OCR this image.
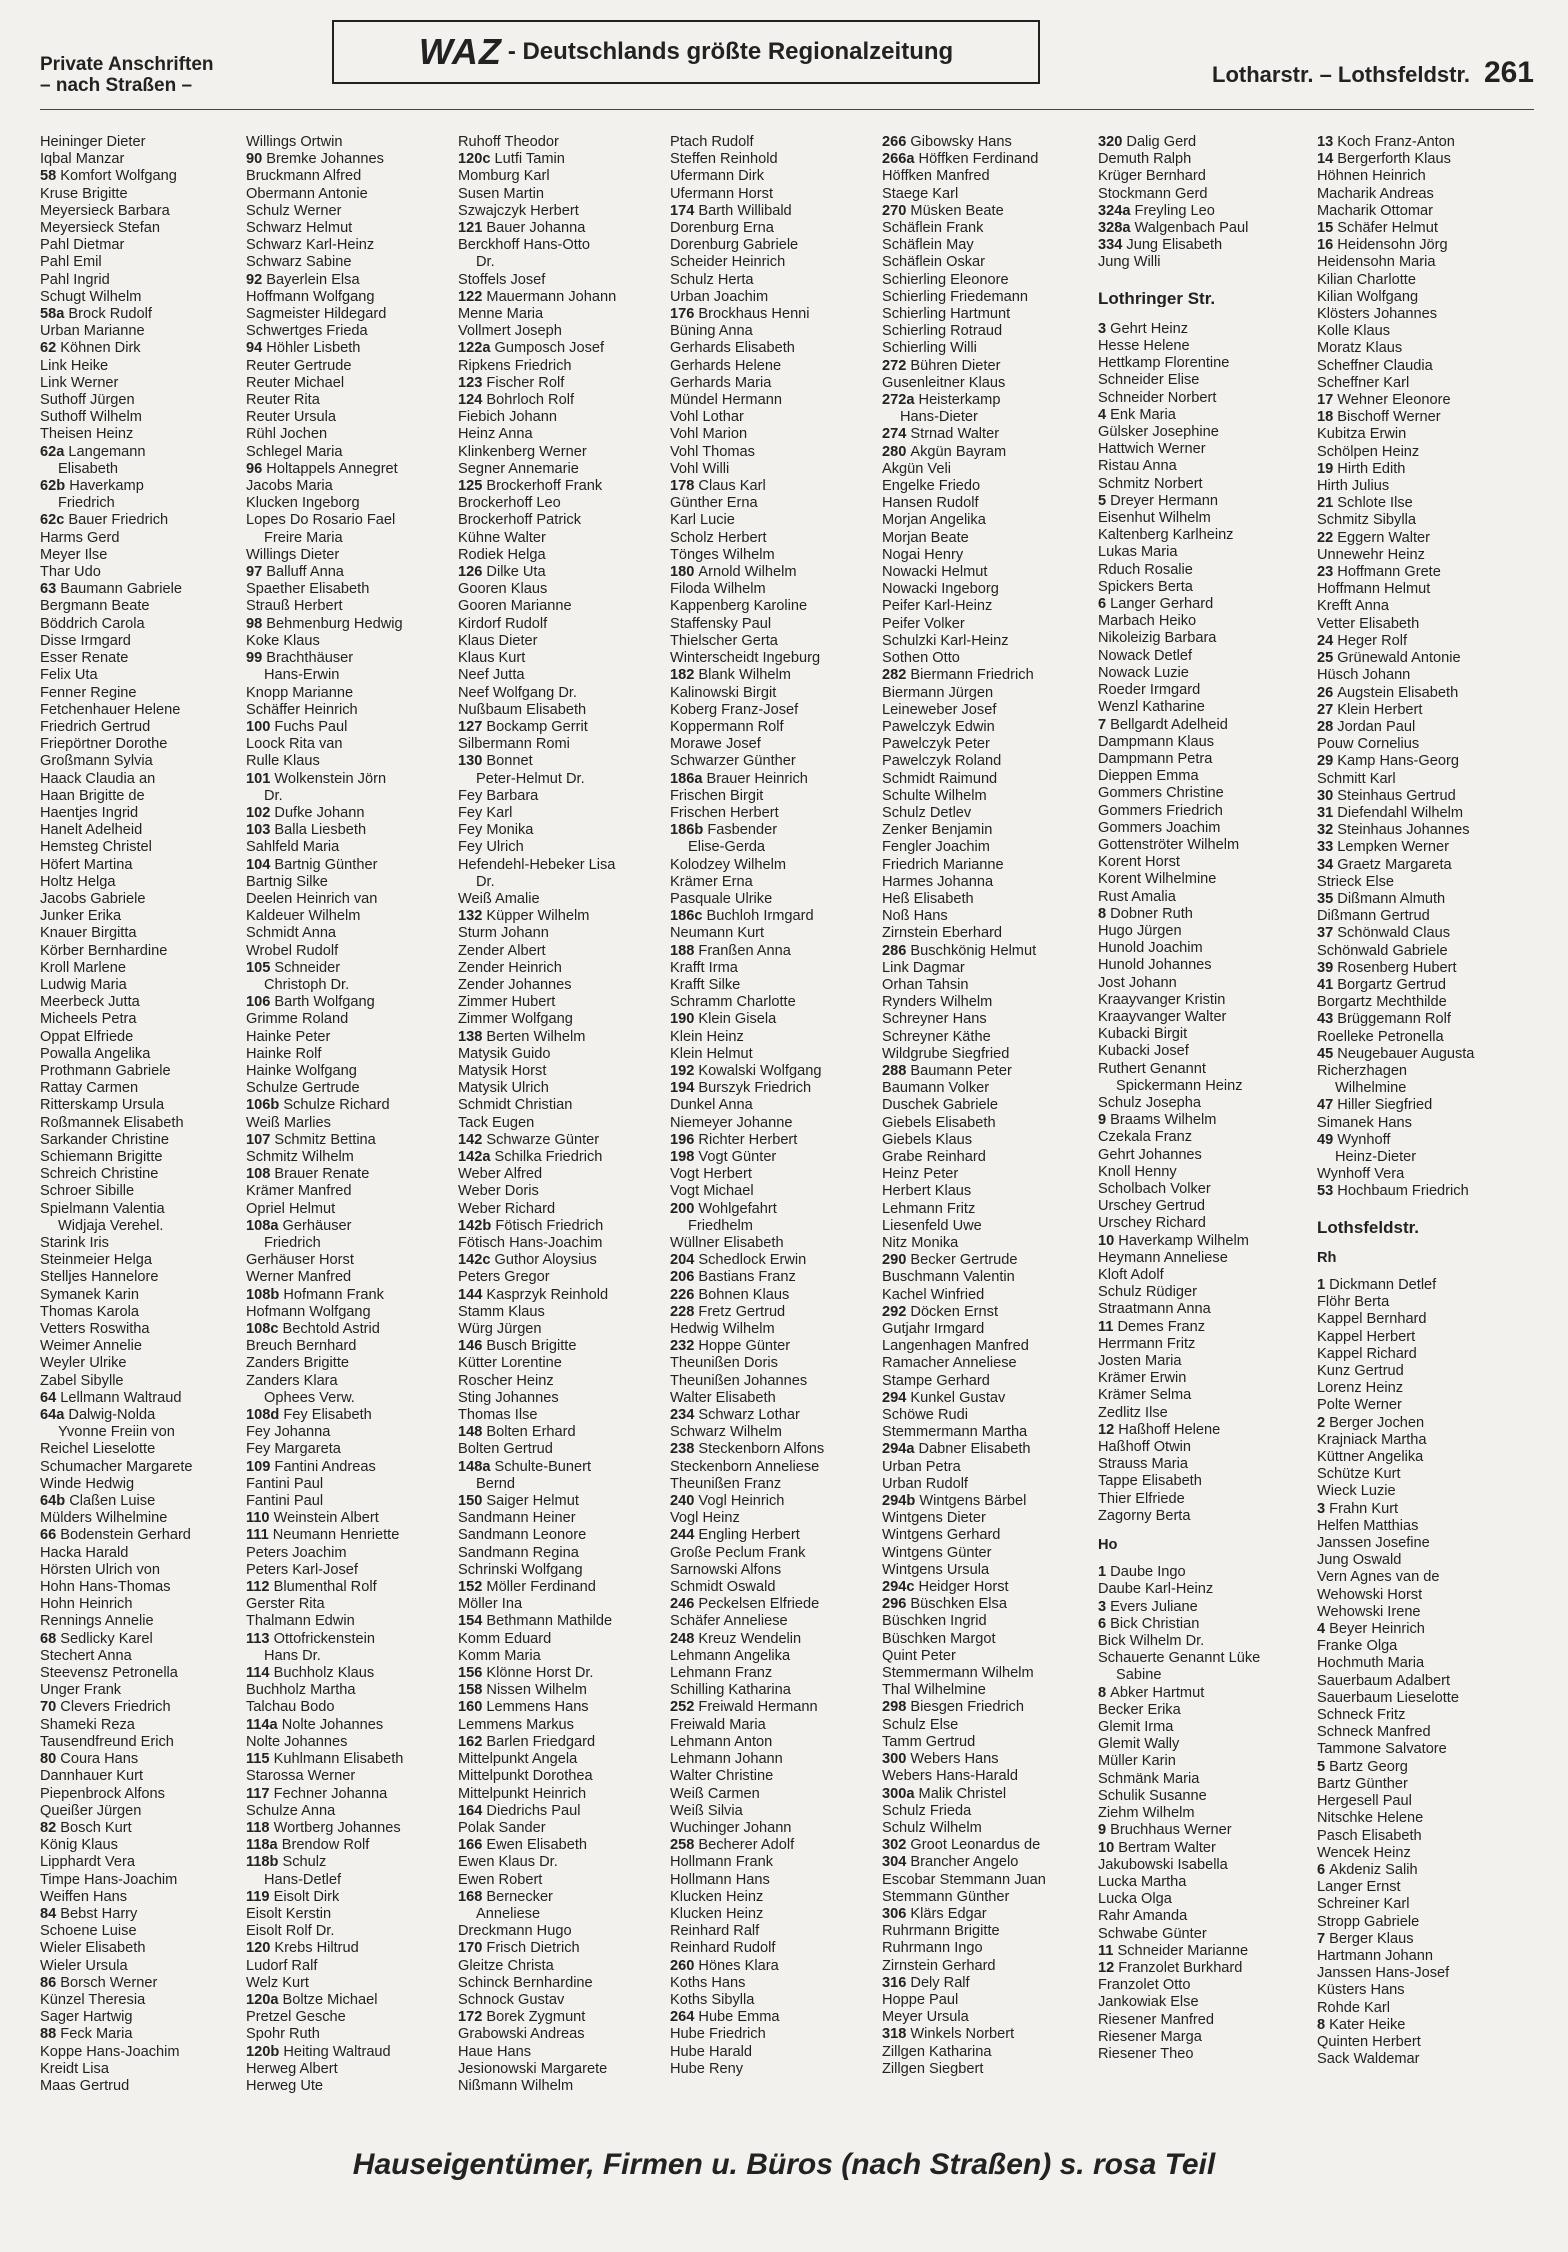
Private Anschriften
– nach Straßen –
WAZ - Deutschlands größte Regionalzeitung
Lotharstr. – Lothsfeldstr. 261
Heininger Dieter
Iqbal Manzar
58 Komfort Wolfgang
Kruse Brigitte
Meyersieck Barbara
Meyersieck Stefan
Pahl Dietmar
Pahl Emil
Pahl Ingrid
Schugt Wilhelm
58a Brock Rudolf
Urban Marianne
62 Köhnen Dirk
Link Heike
Link Werner
Suthoff Jürgen
Suthoff Wilhelm
Theisen Heinz
62a Langemann
Elisabeth
62b Haverkamp
Friedrich
62c Bauer Friedrich
Harms Gerd
Meyer Ilse
Thar Udo
63 Baumann Gabriele
Bergmann Beate
Böddrich Carola
Disse Irmgard
Esser Renate
Felix Uta
Fenner Regine
Fetchenhauer Helene
Friedrich Gertrud
Friepörtner Dorothe
Großmann Sylvia
Haack Claudia an
Haan Brigitte de
Haentjes Ingrid
Hanelt Adelheid
Hemsteg Christel
Höfert Martina
Holtz Helga
Jacobs Gabriele
Junker Erika
Knauer Birgitta
Körber Bernhardine
Kroll Marlene
Ludwig Maria
Meerbeck Jutta
Micheels Petra
Oppat Elfriede
Powalla Angelika
Prothmann Gabriele
Rattay Carmen
Ritterskamp Ursula
Roßmannek Elisabeth
Sarkander Christine
Schiemann Brigitte
Schreich Christine
Schroer Sibille
Spielmann Valentia
Widjaja Verehel.
Starink Iris
Steinmeier Helga
Stelljes Hannelore
Symanek Karin
Thomas Karola
Vetters Roswitha
Weimer Annelie
Weyler Ulrike
Zabel Sibylle
64 Lellmann Waltraud
64a Dalwig-Nolda
Yvonne Freiin von
Reichel Lieselotte
Schumacher Margarete
Winde Hedwig
64b Claßen Luise
Mülders Wilhelmine
66 Bodenstein Gerhard
Hacka Harald
Hörsten Ulrich von
Hohn Hans-Thomas
Hohn Heinrich
Rennings Annelie
68 Sedlicky Karel
Stechert Anna
Steevensz Petronella
Unger Frank
70 Clevers Friedrich
Shameki Reza
Tausendfreund Erich
80 Coura Hans
Dannhauer Kurt
Piepenbrock Alfons
Queißer Jürgen
82 Bosch Kurt
König Klaus
Lipphardt Vera
Timpe Hans-Joachim
Weiffen Hans
84 Bebst Harry
Schoene Luise
Wieler Elisabeth
Wieler Ursula
86 Borsch Werner
Künzel Theresia
Sager Hartwig
88 Feck Maria
Koppe Hans-Joachim
Kreidt Lisa
Maas Gertrud
Willings Ortwin
90 Bremke Johannes
Bruckmann Alfred
Obermann Antonie
Schulz Werner
Schwarz Helmut
Schwarz Karl-Heinz
Schwarz Sabine
92 Bayerlein Elsa
Hoffmann Wolfgang
Sagmeister Hildegard
Schwertges Frieda
94 Höhler Lisbeth
Reuter Gertrude
Reuter Michael
Reuter Rita
Reuter Ursula
Rühl Jochen
Schlegel Maria
96 Holtappels Annegret
Jacobs Maria
Klucken Ingeborg
Lopes Do Rosario Fael
Freire Maria
Willings Dieter
97 Balluff Anna
Spaether Elisabeth
Strauß Herbert
98 Behmenburg Hedwig
Koke Klaus
99 Brachthäuser
Hans-Erwin
Knopp Marianne
Schäffer Heinrich
100 Fuchs Paul
Loock Rita van
Rulle Klaus
101 Wolkenstein Jörn
Dr.
102 Dufke Johann
103 Balla Liesbeth
Sahlfeld Maria
104 Bartnig Günther
Bartnig Silke
Deelen Heinrich van
Kaldeuer Wilhelm
Schmidt Anna
Wrobel Rudolf
105 Schneider
Christoph Dr.
106 Barth Wolfgang
Grimme Roland
Hainke Peter
Hainke Rolf
Hainke Wolfgang
Schulze Gertrude
106b Schulze Richard
Weiß Marlies
107 Schmitz Bettina
Schmitz Wilhelm
108 Brauer Renate
Krämer Manfred
Opriel Helmut
108a Gerhäuser
Friedrich
Gerhäuser Horst
Werner Manfred
108b Hofmann Frank
Hofmann Wolfgang
108c Bechtold Astrid
Breuch Bernhard
Zanders Brigitte
Zanders Klara
Ophees Verw.
108d Fey Elisabeth
Fey Johanna
Fey Margareta
109 Fantini Andreas
Fantini Paul
Fantini Paul
110 Weinstein Albert
111 Neumann Henriette
Peters Joachim
Peters Karl-Josef
112 Blumenthal Rolf
Gerster Rita
Thalmann Edwin
113 Ottofrickenstein
Hans Dr.
114 Buchholz Klaus
Buchholz Martha
Talchau Bodo
114a Nolte Johannes
Nolte Johannes
115 Kuhlmann Elisabeth
Starossa Werner
117 Fechner Johanna
Schulze Anna
118 Wortberg Johannes
118a Brendow Rolf
118b Schulz
Hans-Detlef
119 Eisolt Dirk
Eisolt Kerstin
Eisolt Rolf Dr.
120 Krebs Hiltrud
Ludorf Ralf
Welz Kurt
120a Boltze Michael
Pretzel Gesche
Spohr Ruth
120b Heiting Waltraud
Herweg Albert
Herweg Ute
Ruhoff Theodor
120c Lutfi Tamin
Momburg Karl
Susen Martin
Szwajczyk Herbert
121 Bauer Johanna
Berckhoff Hans-Otto
Dr.
Stoffels Josef
122 Mauermann Johann
Menne Maria
Vollmert Joseph
122a Gumposch Josef
Ripkens Friedrich
123 Fischer Rolf
124 Bohrloch Rolf
Fiebich Johann
Heinz Anna
Klinkenberg Werner
Segner Annemarie
125 Brockerhoff Frank
Brockerhoff Leo
Brockerhoff Patrick
Kühne Walter
Rodiek Helga
126 Dilke Uta
Gooren Klaus
Gooren Marianne
Kirdorf Rudolf
Klaus Dieter
Klaus Kurt
Neef Jutta
Neef Wolfgang Dr.
Nußbaum Elisabeth
127 Bockamp Gerrit
Silbermann Romi
130 Bonnet
Peter-Helmut Dr.
Fey Barbara
Fey Karl
Fey Monika
Fey Ulrich
Hefendehl-Hebeker Lisa
Dr.
Weiß Amalie
132 Küpper Wilhelm
Sturm Johann
Zender Albert
Zender Heinrich
Zender Johannes
Zimmer Hubert
Zimmer Wolfgang
138 Berten Wilhelm
Matysik Guido
Matysik Horst
Matysik Ulrich
Schmidt Christian
Tack Eugen
142 Schwarze Günter
142a Schilka Friedrich
Weber Alfred
Weber Doris
Weber Richard
142b Fötisch Friedrich
Fötisch Hans-Joachim
142c Guthor Aloysius
Peters Gregor
144 Kasprzyk Reinhold
Stamm Klaus
Würg Jürgen
146 Busch Brigitte
Kütter Lorentine
Roscher Heinz
Sting Johannes
Thomas Ilse
148 Bolten Erhard
Bolten Gertrud
148a Schulte-Bunert
Bernd
150 Saiger Helmut
Sandmann Heiner
Sandmann Leonore
Sandmann Regina
Schrinski Wolfgang
152 Möller Ferdinand
Möller Ina
154 Bethmann Mathilde
Komm Eduard
Komm Maria
156 Klönne Horst Dr.
158 Nissen Wilhelm
160 Lemmens Hans
Lemmens Markus
162 Barlen Friedgard
Mittelpunkt Angela
Mittelpunkt Dorothea
Mittelpunkt Heinrich
164 Diedrichs Paul
Polak Sander
166 Ewen Elisabeth
Ewen Klaus Dr.
Ewen Robert
168 Bernecker
Anneliese
Dreckmann Hugo
170 Frisch Dietrich
Gleitze Christa
Schinck Bernhardine
Schnock Gustav
172 Borek Zygmunt
Grabowski Andreas
Haue Hans
Jesionowski Margarete
Nißmann Wilhelm
Ptach Rudolf
Steffen Reinhold
Ufermann Dirk
Ufermann Horst
174 Barth Willibald
Dorenburg Erna
Dorenburg Gabriele
Scheider Heinrich
Schulz Herta
Urban Joachim
176 Brockhaus Henni
Büning Anna
Gerhards Elisabeth
Gerhards Helene
Gerhards Maria
Mündel Hermann
Vohl Lothar
Vohl Marion
Vohl Thomas
Vohl Willi
178 Claus Karl
Günther Erna
Karl Lucie
Scholz Herbert
Tönges Wilhelm
180 Arnold Wilhelm
Filoda Wilhelm
Kappenberg Karoline
Staffensky Paul
Thielscher Gerta
Winterscheidt Ingeburg
182 Blank Wilhelm
Kalinowski Birgit
Koberg Franz-Josef
Koppermann Rolf
Morawe Josef
Schwarzer Günther
186a Brauer Heinrich
Frischen Birgit
Frischen Herbert
186b Fasbender
Elise-Gerda
Kolodzey Wilhelm
Krämer Erna
Pasquale Ulrike
186c Buchloh Irmgard
Neumann Kurt
188 Franßen Anna
Krafft Irma
Krafft Silke
Schramm Charlotte
190 Klein Gisela
Klein Heinz
Klein Helmut
192 Kowalski Wolfgang
194 Burszyk Friedrich
Dunkel Anna
Niemeyer Johanne
196 Richter Herbert
198 Vogt Günter
Vogt Herbert
Vogt Michael
200 Wohlgefahrt
Friedhelm
Wüllner Elisabeth
204 Schedlock Erwin
206 Bastians Franz
226 Bohnen Klaus
228 Fretz Gertrud
Hedwig Wilhelm
232 Hoppe Günter
Theunißen Doris
Theunißen Johannes
Walter Elisabeth
234 Schwarz Lothar
Schwarz Wilhelm
238 Steckenborn Alfons
Steckenborn Anneliese
Theunißen Franz
240 Vogl Heinrich
Vogl Heinz
244 Engling Herbert
Große Peclum Frank
Sarnowski Alfons
Schmidt Oswald
246 Peckelsen Elfriede
Schäfer Anneliese
248 Kreuz Wendelin
Lehmann Angelika
Lehmann Franz
Schilling Katharina
252 Freiwald Hermann
Freiwald Maria
Lehmann Anton
Lehmann Johann
Walter Christine
Weiß Carmen
Weiß Silvia
Wuchinger Johann
258 Becherer Adolf
Hollmann Frank
Hollmann Hans
Klucken Heinz
Klucken Heinz
Reinhard Ralf
Reinhard Rudolf
260 Hönes Klara
Koths Hans
Koths Sibylla
264 Hube Emma
Hube Friedrich
Hube Harald
Hube Reny
266 Gibowsky Hans
266a Höffken Ferdinand
Höffken Manfred
Staege Karl
270 Müsken Beate
Schäflein Frank
Schäflein May
Schäflein Oskar
Schierling Eleonore
Schierling Friedemann
Schierling Hartmunt
Schierling Rotraud
Schierling Willi
272 Bühren Dieter
Gusenleitner Klaus
272a Heisterkamp
Hans-Dieter
274 Strnad Walter
280 Akgün Bayram
Akgün Veli
Engelke Friedo
Hansen Rudolf
Morjan Angelika
Morjan Beate
Nogai Henry
Nowacki Helmut
Nowacki Ingeborg
Peifer Karl-Heinz
Peifer Volker
Schulzki Karl-Heinz
Sothen Otto
282 Biermann Friedrich
Biermann Jürgen
Leineweber Josef
Pawelczyk Edwin
Pawelczyk Peter
Pawelczyk Roland
Schmidt Raimund
Schulte Wilhelm
Schulz Detlev
Zenker Benjamin
Fengler Joachim
Friedrich Marianne
Harmes Johanna
Heß Elisabeth
Noß Hans
Zirnstein Eberhard
286 Buschkönig Helmut
Link Dagmar
Orhan Tahsin
Rynders Wilhelm
Schreyner Hans
Schreyner Käthe
Wildgrube Siegfried
288 Baumann Peter
Baumann Volker
Duschek Gabriele
Giebels Elisabeth
Giebels Klaus
Grabe Reinhard
Heinz Peter
Herbert Klaus
Lehmann Fritz
Liesenfeld Uwe
Nitz Monika
290 Becker Gertrude
Buschmann Valentin
Kachel Winfried
292 Döcken Ernst
Gutjahr Irmgard
Langenhagen Manfred
Ramacher Anneliese
Stampe Gerhard
294 Kunkel Gustav
Schöwe Rudi
Stemmermann Martha
294a Dabner Elisabeth
Urban Petra
Urban Rudolf
294b Wintgens Bärbel
Wintgens Dieter
Wintgens Gerhard
Wintgens Günter
Wintgens Ursula
294c Heidger Horst
296 Büschken Elsa
Büschken Ingrid
Büschken Margot
Quint Peter
Stemmermann Wilhelm
Thal Wilhelmine
298 Biesgen Friedrich
Schulz Else
Tamm Gertrud
300 Webers Hans
Webers Hans-Harald
300a Malik Christel
Schulz Frieda
Schulz Wilhelm
302 Groot Leonardus de
304 Brancher Angelo
Escobar Stemmann Juan
Stemmann Günther
306 Klärs Edgar
Ruhrmann Brigitte
Ruhrmann Ingo
Zirnstein Gerhard
316 Dely Ralf
Hoppe Paul
Meyer Ursula
318 Winkels Norbert
Zillgen Katharina
Zillgen Siegbert
320 Dalig Gerd
Demuth Ralph
Krüger Bernhard
Stockmann Gerd
324a Freyling Leo
328a Walgenbach Paul
334 Jung Elisabeth
Jung Willi
Lothringer Str.
3 Gehrt Heinz
Hesse Helene
Hettkamp Florentine
Schneider Elise
Schneider Norbert
4 Enk Maria
Gülsker Josephine
Hattwich Werner
Ristau Anna
Schmitz Norbert
5 Dreyer Hermann
Eisenhut Wilhelm
Kaltenberg Karlheinz
Lukas Maria
Rduch Rosalie
Spickers Berta
6 Langer Gerhard
Marbach Heiko
Nikoleizig Barbara
Nowack Detlef
Nowack Luzie
Roeder Irmgard
Wenzl Katharine
7 Bellgardt Adelheid
Dampmann Klaus
Dampmann Petra
Dieppen Emma
Gommers Christine
Gommers Friedrich
Gommers Joachim
Gottenströter Wilhelm
Korent Horst
Korent Wilhelmine
Rust Amalia
8 Dobner Ruth
Hugo Jürgen
Hunold Joachim
Hunold Johannes
Jost Johann
Kraayvanger Kristin
Kraayvanger Walter
Kubacki Birgit
Kubacki Josef
Ruthert Genannt
Spickermann Heinz
Schulz Josepha
9 Braams Wilhelm
Czekala Franz
Gehrt Johannes
Knoll Henny
Scholbach Volker
Urschey Gertrud
Urschey Richard
10 Haverkamp Wilhelm
Heymann Anneliese
Kloft Adolf
Schulz Rüdiger
Straatmann Anna
11 Demes Franz
Herrmann Fritz
Josten Maria
Krämer Erwin
Krämer Selma
Zedlitz Ilse
12 Haßhoff Helene
Haßhoff Otwin
Strauss Maria
Tappe Elisabeth
Thier Elfriede
Zagorny Berta
Ho
1 Daube Ingo
Daube Karl-Heinz
3 Evers Juliane
6 Bick Christian
Bick Wilhelm Dr.
Schauerte Genannt Lüke
Sabine
8 Abker Hartmut
Becker Erika
Glemit Irma
Glemit Wally
Müller Karin
Schmänk Maria
Schulik Susanne
Ziehm Wilhelm
9 Bruchhaus Werner
10 Bertram Walter
Jakubowski Isabella
Lucka Martha
Lucka Olga
Rahr Amanda
Schwabe Günter
11 Schneider Marianne
12 Franzolet Burkhard
Franzolet Otto
Jankowiak Else
Riesener Manfred
Riesener Marga
Riesener Theo
13 Koch Franz-Anton
14 Bergerforth Klaus
Höhnen Heinrich
Macharik Andreas
Macharik Ottomar
15 Schäfer Helmut
16 Heidensohn Jörg
Heidensohn Maria
Kilian Charlotte
Kilian Wolfgang
Klösters Johannes
Kolle Klaus
Moratz Klaus
Scheffner Claudia
Scheffner Karl
17 Wehner Eleonore
18 Bischoff Werner
Kubitza Erwin
Schölpen Heinz
19 Hirth Edith
Hirth Julius
21 Schlote Ilse
Schmitz Sibylla
22 Eggern Walter
Unnewehr Heinz
23 Hoffmann Grete
Hoffmann Helmut
Krefft Anna
Vetter Elisabeth
24 Heger Rolf
25 Grünewald Antonie
Hüsch Johann
26 Augstein Elisabeth
27 Klein Herbert
28 Jordan Paul
Pouw Cornelius
29 Kamp Hans-Georg
Schmitt Karl
30 Steinhaus Gertrud
31 Diefendahl Wilhelm
32 Steinhaus Johannes
33 Lempken Werner
34 Graetz Margareta
Strieck Else
35 Dißmann Almuth
Dißmann Gertrud
37 Schönwald Claus
Schönwald Gabriele
39 Rosenberg Hubert
41 Borgartz Gertrud
Borgartz Mechthilde
43 Brüggemann Rolf
Roelleke Petronella
45 Neugebauer Augusta
Richerzhagen
Wilhelmine
47 Hiller Siegfried
Simanek Hans
49 Wynhoff
Heinz-Dieter
Wynhoff Vera
53 Hochbaum Friedrich
Lothsfeldstr.
Rh
1 Dickmann Detlef
Flöhr Berta
Kappel Bernhard
Kappel Herbert
Kappel Richard
Kunz Gertrud
Lorenz Heinz
Polte Werner
2 Berger Jochen
Krajniack Martha
Küttner Angelika
Schütze Kurt
Wieck Luzie
3 Frahn Kurt
Helfen Matthias
Janssen Josefine
Jung Oswald
Vern Agnes van de
Wehowski Horst
Wehowski Irene
4 Beyer Heinrich
Franke Olga
Hochmuth Maria
Sauerbaum Adalbert
Sauerbaum Lieselotte
Schneck Fritz
Schneck Manfred
Tammone Salvatore
5 Bartz Georg
Bartz Günther
Hergesell Paul
Nitschke Helene
Pasch Elisabeth
Wencek Heinz
6 Akdeniz Salih
Langer Ernst
Schreiner Karl
Stropp Gabriele
7 Berger Klaus
Hartmann Johann
Janssen Hans-Josef
Küsters Hans
Rohde Karl
8 Kater Heike
Quinten Herbert
Sack Waldemar
Hauseigentümer, Firmen u. Büros (nach Straßen) s. rosa Teil
